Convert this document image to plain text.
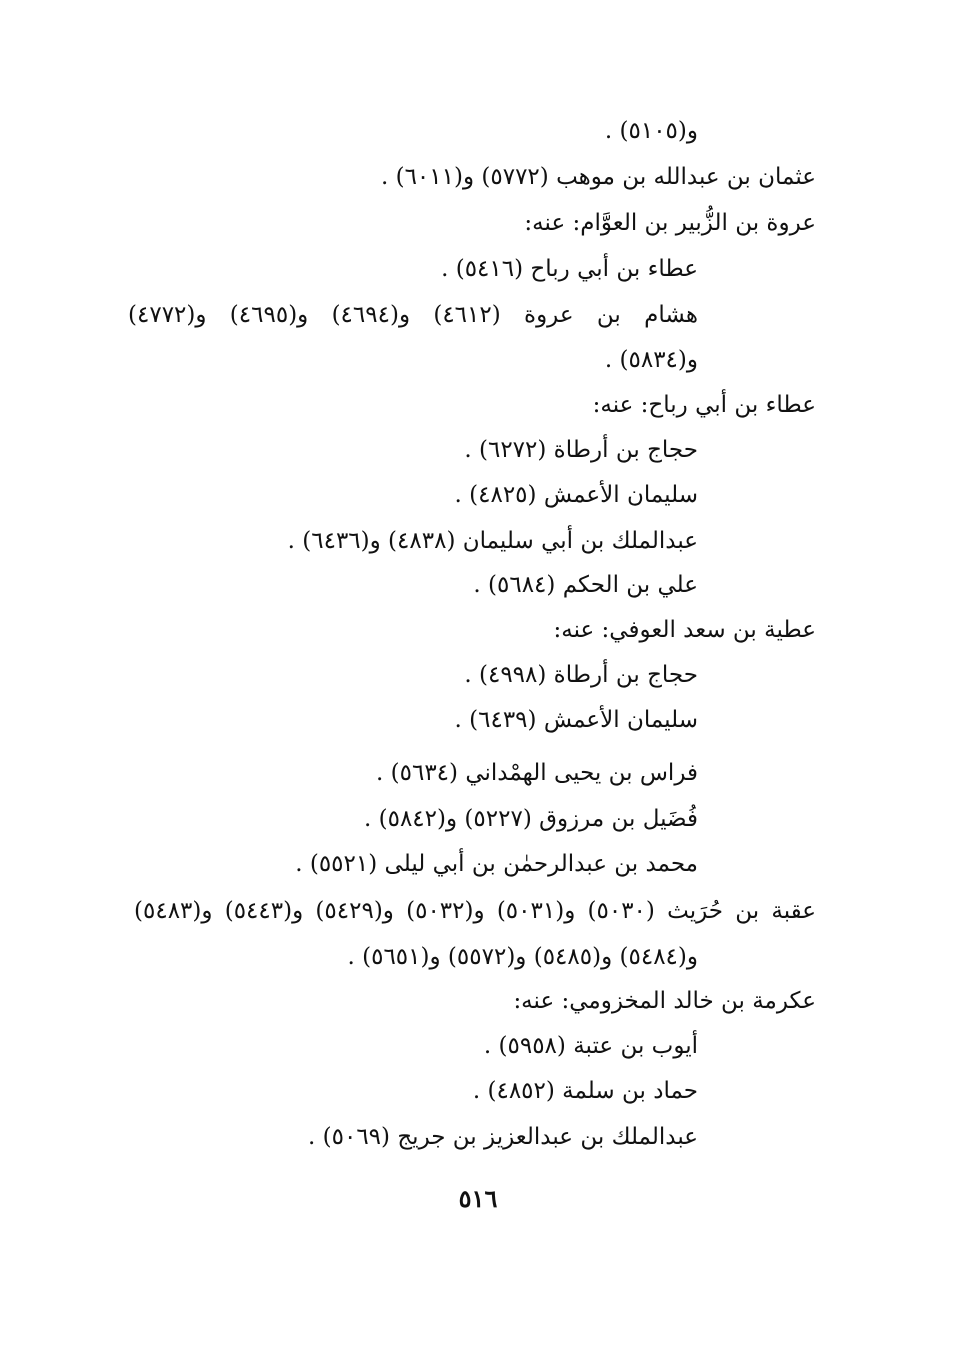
و(٥١٠٥) .
عثمان بن عبدالله بن موهب (٥٧٧٢) و(٦٠١١) .
عروة بن الزُّبير بن العوَّام: عنه:
عطاء بن أبي رباح (٥٤١٦) .
هشام بن عروة (٤٦١٢) و(٤٦٩٤) و(٤٦٩٥) و(٤٧٧٢)
و(٥٨٣٤) .
عطاء بن أبي رباح: عنه:
حجاج بن أرطاة (٦٢٧٢) .
سليمان الأعمش (٤٨٢٥) .
عبدالملك بن أبي سليمان (٤٨٣٨) و(٦٤٣٦) .
علي بن الحكم (٥٦٨٤) .
عطية بن سعد العوفي: عنه:
حجاج بن أرطاة (٤٩٩٨) .
سليمان الأعمش (٦٤٣٩) .
فراس بن يحيى الهمْداني (٥٦٣٤) .
فُضَيل بن مرزوق (٥٢٢٧) و(٥٨٤٢) .
محمد بن عبدالرحمٰن بن أبي ليلى (٥٥٢١) .
عقبة بن حُرَيث (٥٠٣٠) و(٥٠٣١) و(٥٠٣٢) و(٥٤٢٩) و(٥٤٤٣) و(٥٤٨٣)
و(٥٤٨٤) و(٥٤٨٥) و(٥٥٧٢) و(٥٦٥١) .
عكرمة بن خالد المخزومي: عنه:
أيوب بن عتبة (٥٩٥٨) .
حماد بن سلمة (٤٨٥٢) .
عبدالملك بن عبدالعزيز بن جريج (٥٠٦٩) .
٥١٦
